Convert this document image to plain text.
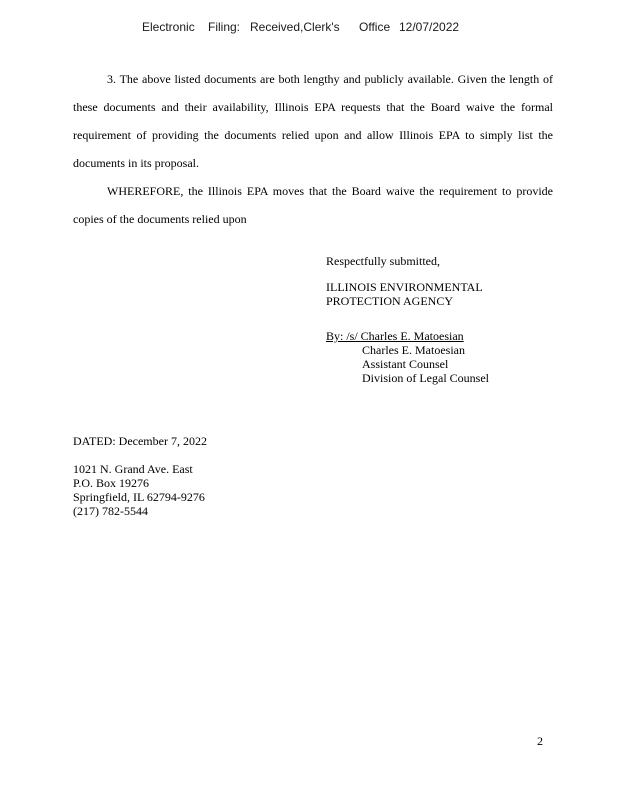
Electronic Filing: Received,Clerk's Office 12/07/2022
3. The above listed documents are both lengthy and publicly available. Given the length of these documents and their availability, Illinois EPA requests that the Board waive the formal requirement of providing the documents relied upon and allow Illinois EPA to simply list the documents in its proposal.
WHEREFORE, the Illinois EPA moves that the Board waive the requirement to provide copies of the documents relied upon
Respectfully submitted,
ILLINOIS ENVIRONMENTAL
PROTECTION AGENCY
By: /s/ Charles E. Matoesian
Charles E. Matoesian
Assistant Counsel
Division of Legal Counsel
DATED: December 7, 2022
1021 N. Grand Ave. East
P.O. Box 19276
Springfield, IL 62794-9276
(217) 782-5544
2
